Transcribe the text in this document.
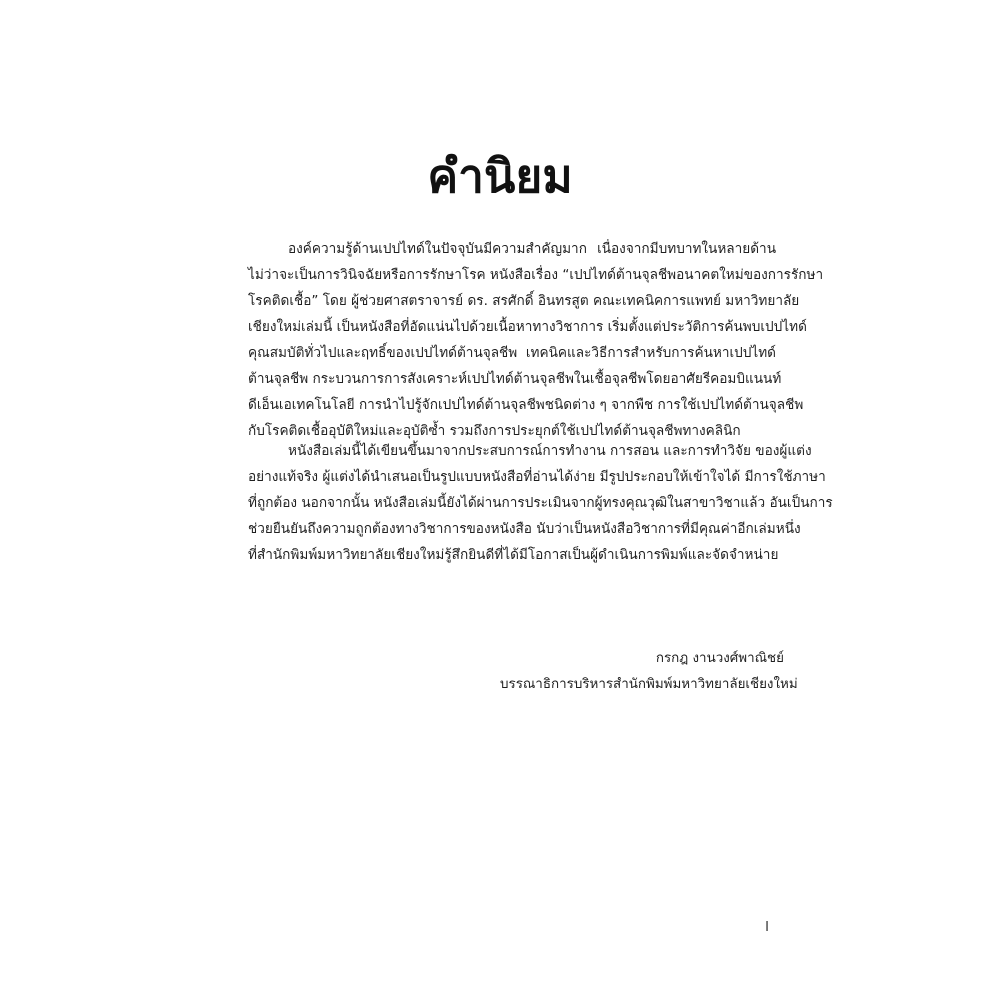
คำนิยม
องค์ความรู้ด้านเปปไทด์ในปัจจุบันมีความสำคัญมาก เนื่องจากมีบทบาทในหลายด้าน
ไม่ว่าจะเป็นการวินิจฉัยหรือการรักษาโรค หนังสือเรื่อง “เปปไทด์ต้านจุลชีพอนาคตใหม่ของการรักษา
โรคติดเชื้อ” โดย ผู้ช่วยศาสตราจารย์ ดร. สรศักดิ์ อินทรสูต คณะเทคนิคการแพทย์ มหาวิทยาลัย
เชียงใหม่เล่มนี้ เป็นหนังสือที่อัดแน่นไปด้วยเนื้อหาทางวิชาการ เริ่มตั้งแต่ประวัติการค้นพบเปปไทด์
คุณสมบัติทั่วไปและฤทธิ์ของเปปไทด์ต้านจุลชีพ เทคนิคและวิธีการสำหรับการค้นหาเปปไทด์
ต้านจุลชีพ กระบวนการการสังเคราะห์เปปไทด์ต้านจุลชีพในเชื้อจุลชีพโดยอาศัยรีคอมบิแนนท์
ดีเอ็นเอเทคโนโลยี การนำไปรู้จักเปปไทด์ต้านจุลชีพชนิดต่าง ๆ จากพืช การใช้เปปไทด์ต้านจุลชีพ
กับโรคติดเชื้ออุบัติใหม่และอุบัติซ้ำ รวมถึงการประยุกต์ใช้เปปไทด์ต้านจุลชีพทางคลินิก
หนังสือเล่มนี้ได้เขียนขึ้นมาจากประสบการณ์การทำงาน การสอน และการทำวิจัย ของผู้แต่ง
อย่างแท้จริง ผู้แต่งได้นำเสนอเป็นรูปแบบหนังสือที่อ่านได้ง่าย มีรูปประกอบให้เข้าใจได้ มีการใช้ภาษา
ที่ถูกต้อง นอกจากนั้น หนังสือเล่มนี้ยังได้ผ่านการประเมินจากผู้ทรงคุณวุฒิในสาขาวิชาแล้ว อันเป็นการ
ช่วยยืนยันถึงความถูกต้องทางวิชาการของหนังสือ นับว่าเป็นหนังสือวิชาการที่มีคุณค่าอีกเล่มหนึ่ง
ที่สำนักพิมพ์มหาวิทยาลัยเชียงใหม่รู้สึกยินดีที่ได้มีโอกาสเป็นผู้ดำเนินการพิมพ์และจัดจำหน่าย
กรกฎ งานวงศ์พาณิชย์
บรรณาธิการบริหารสำนักพิมพ์มหาวิทยาลัยเชียงใหม่
I
